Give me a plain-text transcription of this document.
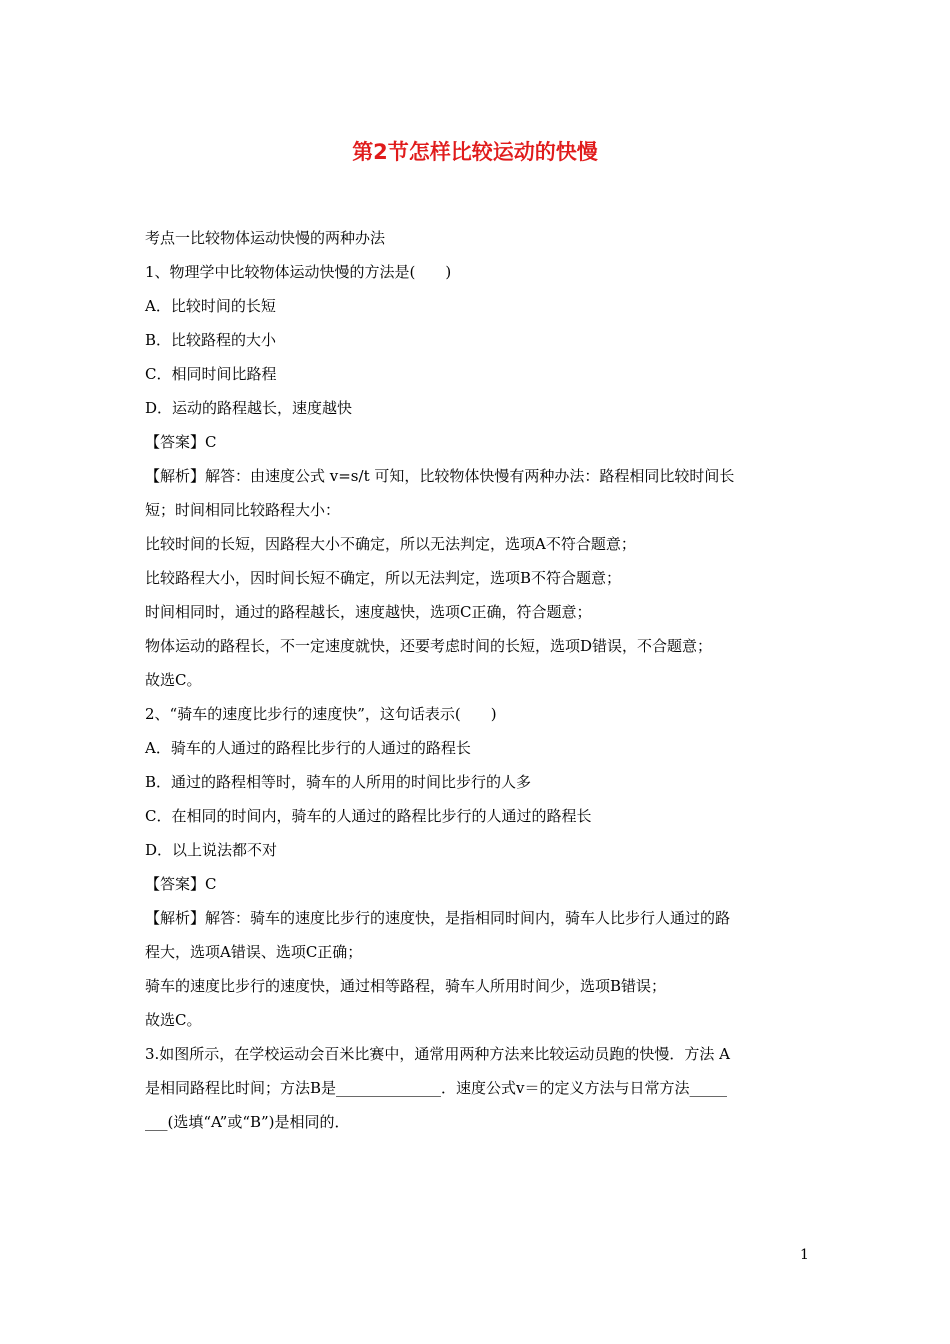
第2节怎样比较运动的快慢
考点一比较物体运动快慢的两种办法
1、物理学中比较物体运动快慢的方法是(　　)
A．比较时间的长短
B．比较路程的大小
C．相同时间比路程
D．运动的路程越长，速度越快
【答案】C
【解析】解答：由速度公式 v=s/t 可知，比较物体快慢有两种办法：路程相同比较时间长
短；时间相同比较路程大小：
比较时间的长短，因路程大小不确定，所以无法判定，选项A不符合题意；
比较路程大小，因时间长短不确定，所以无法判定，选项B不符合题意；
时间相同时，通过的路程越长，速度越快，选项C正确，符合题意；
物体运动的路程长，不一定速度就快，还要考虑时间的长短，选项D错误，不合题意；
故选C。
2、“骑车的速度比步行的速度快”，这句话表示(　　)
A．骑车的人通过的路程比步行的人通过的路程长
B．通过的路程相等时，骑车的人所用的时间比步行的人多
C．在相同的时间内，骑车的人通过的路程比步行的人通过的路程长
D．以上说法都不对
【答案】C
【解析】解答：骑车的速度比步行的速度快，是指相同时间内，骑车人比步行人通过的路
程大，选项A错误、选项C正确；
骑车的速度比步行的速度快，通过相等路程，骑车人所用时间少，选项B错误；
故选C。
3.如图所示，在学校运动会百米比赛中，通常用两种方法来比较运动员跑的快慢．方法 A
是相同路程比时间；方法B是______________．速度公式v＝的定义方法与日常方法_____
___(选填“A”或“B”)是相同的．
1
